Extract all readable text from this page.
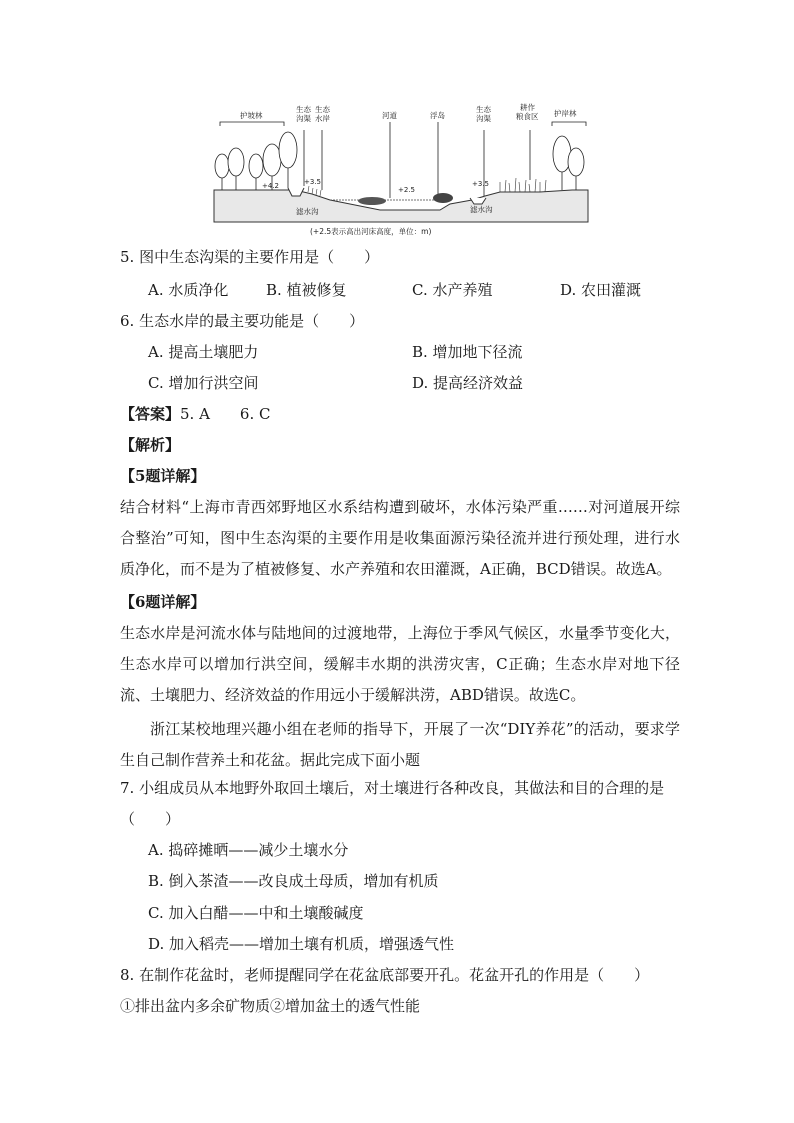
护坡林
生态沟渠
生态水岸	河道	浮岛
生态沟渠
耕作粮食区 护岸林
+4.2	+3.5
+2.5
+3.5
滤水沟	滤水沟
(+2.5表示高出河床高度，单位：m)
5. 图中生态沟渠的主要作用是（　　）
A. 水质净化	B. 植被修复	C. 水产养殖	D. 农田灌溉
6. 生态水岸的最主要功能是（　　）
A. 提高土壤肥力	B. 增加地下径流
C. 增加行洪空间	D. 提高经济效益
【答案】5. A　　6. C
【解析】
【5题详解】
结合材料“上海市青西郊野地区水系结构遭到破坏，水体污染严重……对河道展开综合整治”可知，图中生态沟渠的主要作用是收集面源污染径流并进行预处理，进行水质净化，而不是为了植被修复、水产养殖和农田灌溉，A正确，BCD错误。故选A。
【6题详解】
生态水岸是河流水体与陆地间的过渡地带，上海位于季风气候区，水量季节变化大，生态水岸可以增加行洪空间，缓解丰水期的洪涝灾害，C正确；生态水岸对地下径流、土壤肥力、经济效益的作用远小于缓解洪涝，ABD错误。故选C。
浙江某校地理兴趣小组在老师的指导下，开展了一次“DIY养花”的活动，要求学生自己制作营养土和花盆。据此完成下面小题
7. 小组成员从本地野外取回土壤后，对土壤进行各种改良，其做法和目的合理的是
（　　）
A. 捣碎摊晒——减少土壤水分
B. 倒入茶渣——改良成土母质，增加有机质
C. 加入白醋——中和土壤酸碱度
D. 加入稻壳——增加土壤有机质，增强透气性
8. 在制作花盆时，老师提醒同学在花盆底部要开孔。花盆开孔的作用是（　　）
①排出盆内多余矿物质②增加盆土的透气性能
